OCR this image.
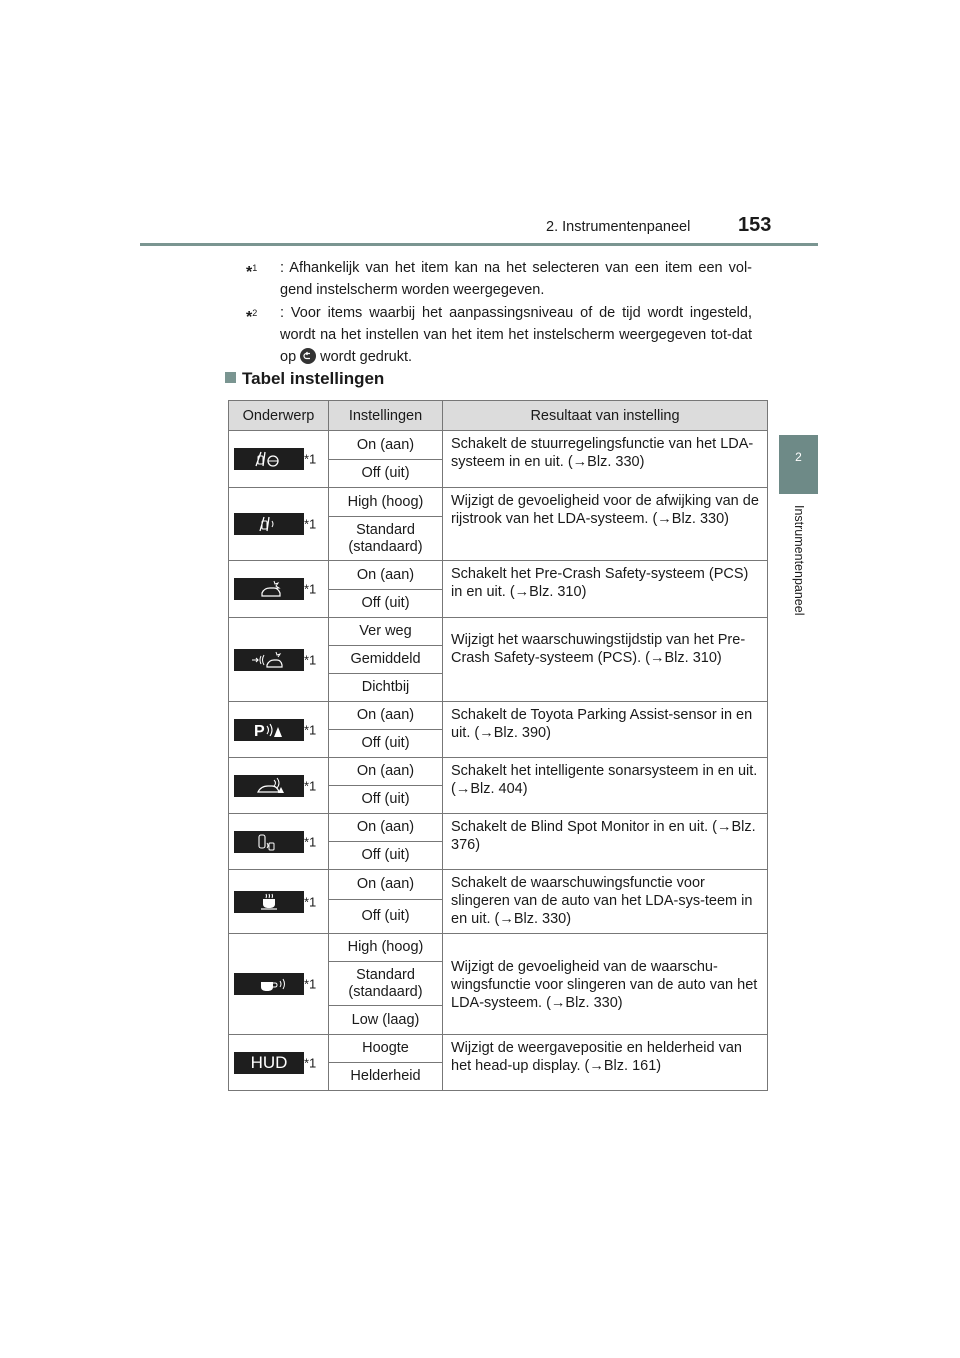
2. Instrumentenpaneel 153
2
Instrumentenpaneel
*$^1$	: Afhankelijk van het item kan na het selecteren van een item een vol-gend instelscherm worden weergegeven.
*$^2$	: Voor items waarbij het aanpassingsniveau of de tijd wordt ingesteld, wordt na het instellen van het item het instelscherm weergegeven tot-dat op wordt gedrukt.
Tabel instellingen
Onderwerp	Instellingen	Resultaat van instelling

*1	On (aan)	Schakelt de stuurregelingsfunctie van het LDA-systeem in en uit. (→Blz. 330)
	Off (uit)	

*1	High (hoog)	Wijzigt de gevoeligheid voor de afwijking van de rijstrook van het LDA-systeem. (→Blz. 330)
	Standard (standaard)	

*1	On (aan)	Schakelt het Pre-Crash Safety-systeem (PCS) in en uit. (→Blz. 310)
	Off (uit)	

*1	Ver weg	Wijzigt het waarschuwingstijdstip van het Pre-Crash Safety-systeem (PCS). (→Blz. 310)
	Gemiddeld	
	Dichtbij	

P *1	On (aan)	Schakelt de Toyota Parking Assist-sensor in en uit. (→Blz. 390)
	Off (uit)	

*1	On (aan)	Schakelt het intelligente sonarsysteem in en uit. (→Blz. 404)
	Off (uit)	

*1	On (aan)	Schakelt de Blind Spot Monitor in en uit. (→Blz. 376)
	Off (uit)	

*1	On (aan)	Schakelt de waarschuwingsfunctie voor slingeren van de auto van het LDA-sys-teem in en uit. (→Blz. 330)
	Off (uit)	

*1	High (hoog)	Wijzigt de gevoeligheid van de waarschu-wingsfunctie voor slingeren van de auto van het LDA-systeem. (→Blz. 330)
	Standard (standaard)	
	Low (laag)	

HUD *1	Hoogte	Wijzigt de weergavepositie en helderheid van het head-up display. (→Blz. 161)
	Helderheid	
